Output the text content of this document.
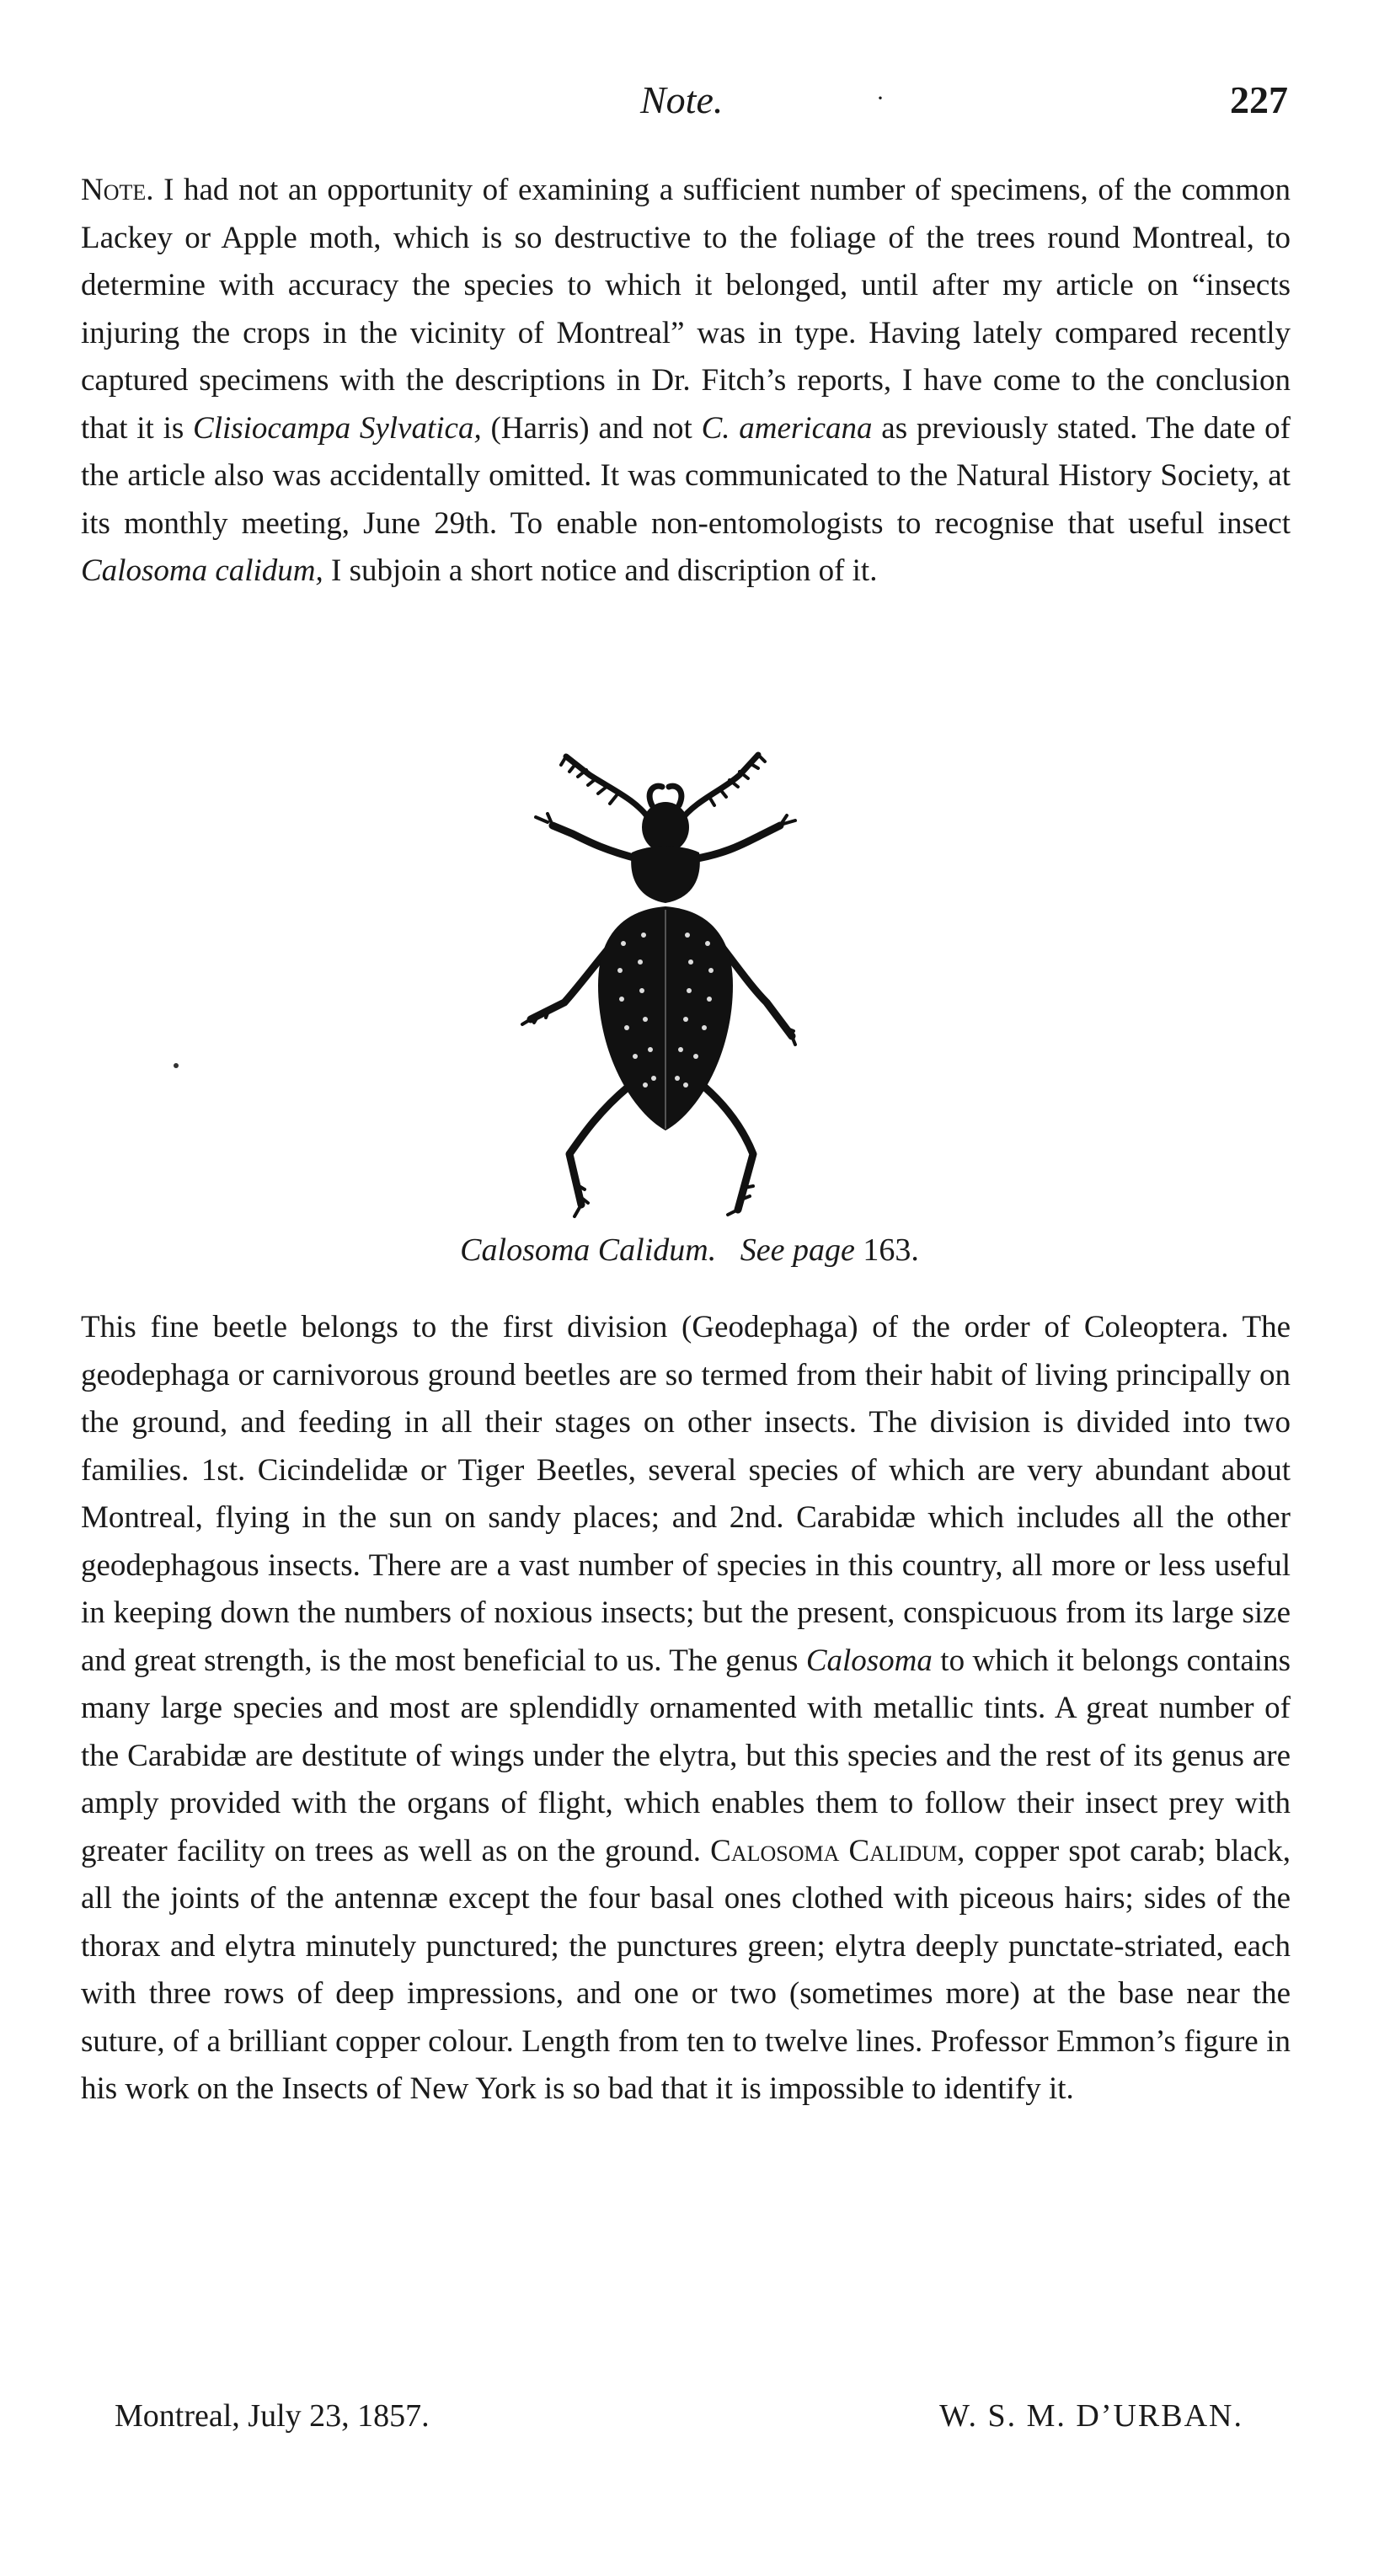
Note.	·	227
Note. I had not an opportunity of examining a sufficient number of specimens, of the common Lackey or Apple moth, which is so destructive to the foliage of the trees round Montreal, to determine with accuracy the species to which it belonged, until after my article on “insects injuring the crops in the vicinity of Montreal” was in type. Having lately compared recently captured specimens with the descriptions in Dr. Fitch’s reports, I have come to the conclusion that it is Clisiocampa Sylvatica, (Harris) and not C. americana as previously stated. The date of the article also was accidentally omitted. It was communicated to the Natural History Society, at its monthly meeting, June 29th. To enable non-entomologists to recognise that useful insect Calosoma calidum, I subjoin a short notice and discription of it.
Calosoma Calidum. See page 163.
This fine beetle belongs to the first division (Geodephaga) of the order of Coleoptera. The geodephaga or carnivorous ground beetles are so termed from their habit of living principally on the ground, and feeding in all their stages on other insects. The division is divided into two families. 1st. Cicindelidæ or Tiger Beetles, several species of which are very abundant about Montreal, flying in the sun on sandy places; and 2nd. Carabidæ which includes all the other geodephagous insects. There are a vast number of species in this country, all more or less useful in keeping down the numbers of noxious insects; but the present, conspicuous from its large size and great strength, is the most beneficial to us. The genus Calosoma to which it belongs contains many large species and most are splendidly ornamented with metallic tints. A great number of the Carabidæ are destitute of wings under the elytra, but this species and the rest of its genus are amply provided with the organs of flight, which enables them to follow their insect prey with greater facility on trees as well as on the ground. Calosoma Calidum, copper spot carab; black, all the joints of the antennæ except the four basal ones clothed with piceous hairs; sides of the thorax and elytra minutely punctured; the punctures green; elytra deeply punctate-striated, each with three rows of deep impressions, and one or two (sometimes more) at the base near the suture, of a brilliant copper colour. Length from ten to twelve lines. Professor Emmon’s figure in his work on the Insects of New York is so bad that it is impossible to identify it.
Montreal, July 23, 1857.	W. S. M. D’URBAN.
